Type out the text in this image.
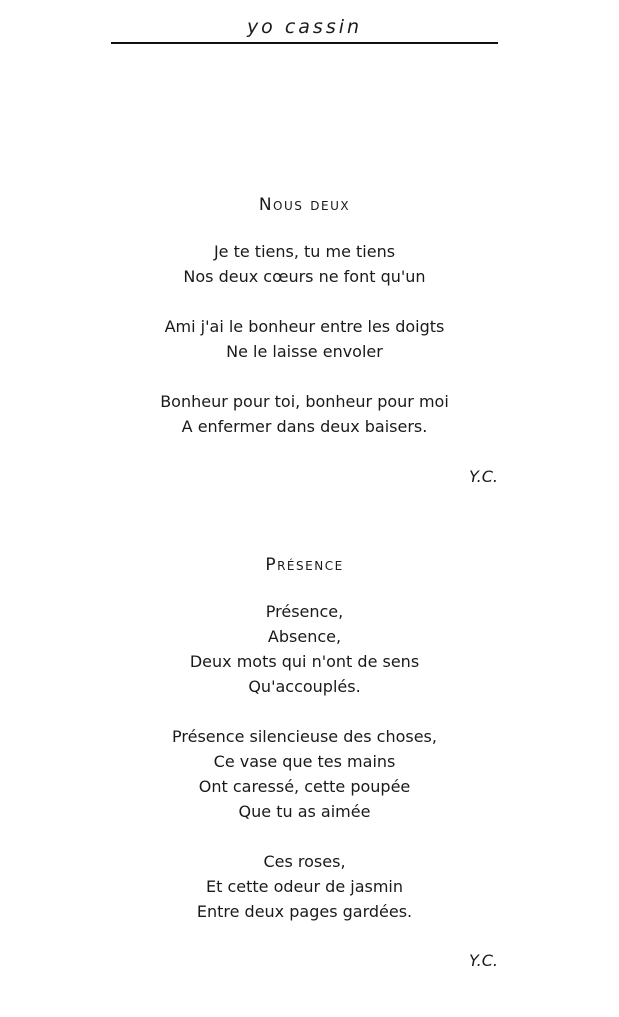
yo cassin
Nous deux
Je te tiens, tu me tiens
Nos deux cœurs ne font qu'un
Ami j'ai le bonheur entre les doigts
Ne le laisse envoler
Bonheur pour toi, bonheur pour moi
A enfermer dans deux baisers.
Y.C.
Présence
Présence,
Absence,
Deux mots qui n'ont de sens
Qu'accouplés.
Présence silencieuse des choses,
Ce vase que tes mains
Ont caressé, cette poupée
Que tu as aimée
Ces roses,
Et cette odeur de jasmin
Entre deux pages gardées.
Y.C.
